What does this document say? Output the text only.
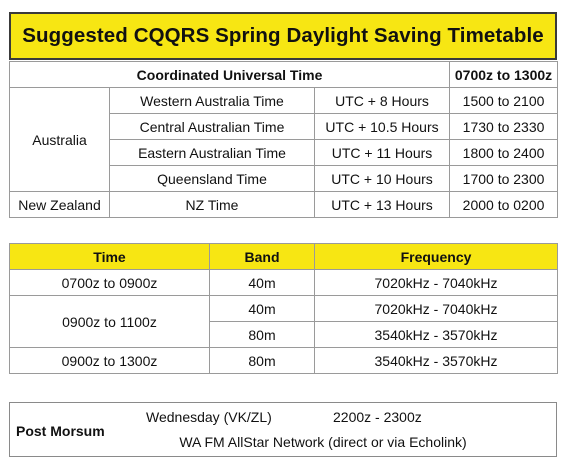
Suggested CQQRS Spring Daylight Saving Timetable
Coordinated Universal Time			0700z to 1300z
Australia	Western Australia Time	UTC + 8 Hours	1500 to 2100
	Central Australian Time	UTC + 10.5 Hours	1730 to 2330
	Eastern Australian Time	UTC + 11 Hours	1800 to 2400
	Queensland Time	UTC + 10 Hours	1700 to 2300
New Zealand	NZ Time	UTC + 13 Hours	2000 to 0200
Time	Band	Frequency
0700z to 0900z	40m	7020kHz - 7040kHz
0900z to 1100z	40m	7020kHz - 7040kHz
	80m	3540kHz - 3570kHz
0900z to 1300z	80m	3540kHz - 3570kHz
Post Morsum
Wednesday (VK/ZL)	2200z - 2300z
WA FM AllStar Network (direct or via Echolink)
